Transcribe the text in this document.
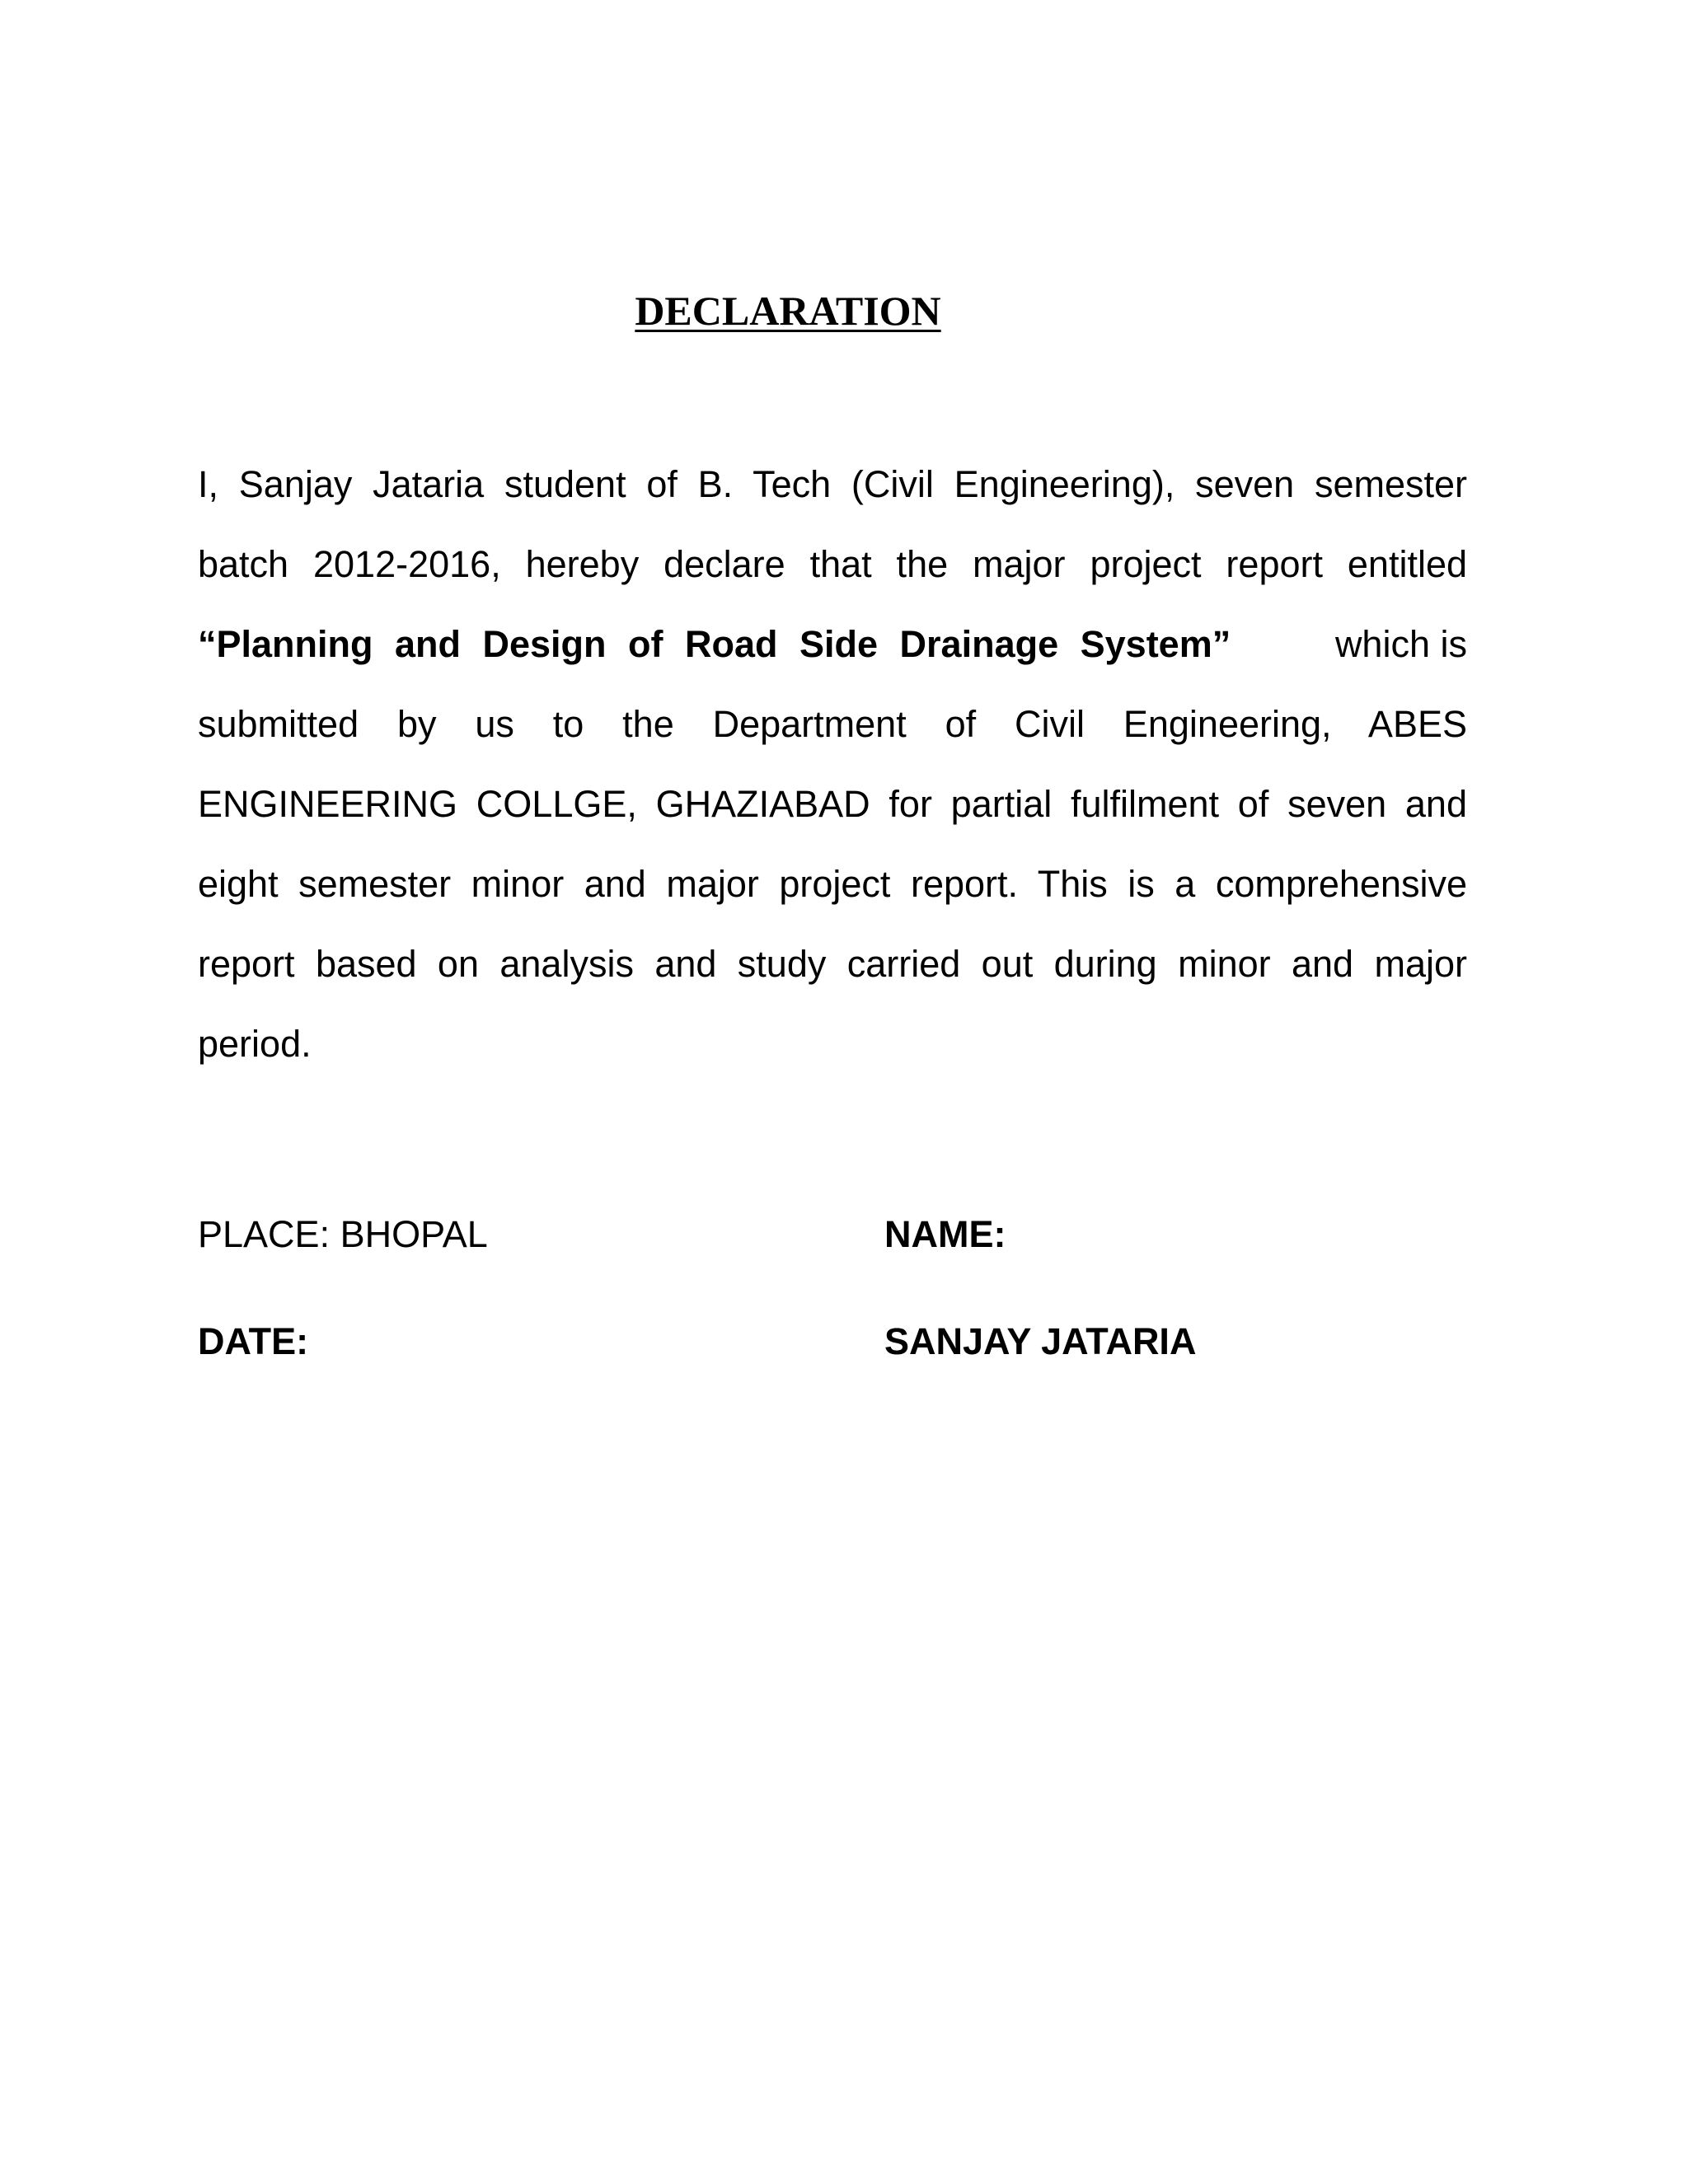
DECLARATION
I, Sanjay Jataria student of B. Tech (Civil Engineering), seven semester
batch 2012-2016, hereby declare that the major project report entitled
“Planning and Design of Road Side Drainage System”	which is
submitted by us to the Department of Civil Engineering, ABES
ENGINEERING COLLGE, GHAZIABAD for partial fulfilment of seven and
eight semester minor and major project report. This is a comprehensive
report based on analysis and study carried out during minor and major
period.
PLACE: BHOPAL	NAME:
DATE:	SANJAY JATARIA
